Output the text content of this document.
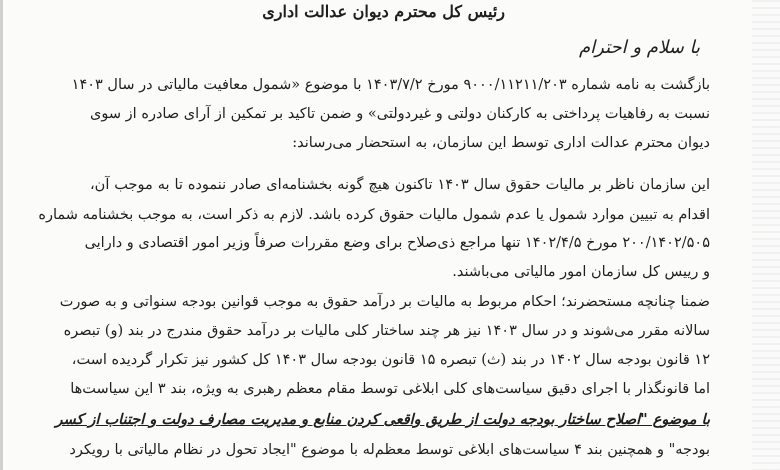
رئیس کل محترم دیوان عدالت اداری
با سلام و احترام
بازگشت به نامه شماره ۹۰۰۰/۱۱۲۱۱/۲۰۳ مورخ ۱۴۰۳/۷/۲ با موضوع «شمول معافیت مالیاتی در سال ۱۴۰۳
نسبت به رفاهیات پرداختی به کارکنان دولتی و غیردولتی» و ضمن تاکید بر تمکین از آرای صادره از سوی
دیوان محترم عدالت اداری توسط این سازمان، به استحضار می‌رساند:
این سازمان ناظر بر مالیات حقوق سال ۱۴۰۳ تاکنون هیچ گونه بخشنامه‌ای صادر ننموده تا به موجب آن،
اقدام به تبیین موارد شمول یا عدم شمول مالیات حقوق کرده باشد. لازم به ذکر است، به موجب بخشنامه شماره
۲۰۰/۱۴۰۲/۵۰۵ مورخ ۱۴۰۲/۴/۵ تنها مراجع ذی‌صلاح برای وضع مقررات صرفاً وزیر امور اقتصادی و دارایی
و رییس کل سازمان امور مالیاتی می‌باشند.
ضمنا چنانچه مستحضرند؛ احکام مربوط به مالیات بر درآمد حقوق به موجب قوانین بودجه سنواتی و به صورت
سالانه مقرر می‌شوند و در سال ۱۴۰۳ نیز هر چند ساختار کلی مالیات بر درآمد حقوق مندرج در بند (و) تبصره
۱۲ قانون بودجه سال ۱۴۰۲ در بند (ث) تبصره ۱۵ قانون بودجه سال ۱۴۰۳ کل کشور نیز تکرار گردیده است،
اما قانونگذار با اجرای دقیق سیاست‌های کلی ابلاغی توسط مقام معظم رهبری به ویژه، بند ۳ این سیاست‌ها
با موضوع "اصلاح ساختار بودجه دولت از طریق واقعی کردن منابع و مدیریت مصارف دولت و اجتناب از کسر
بودجه" و همچنین بند ۴ سیاست‌های ابلاغی توسط معظم‌له با موضوع "ایجاد تحول در نظام مالیاتی با رویکرد
